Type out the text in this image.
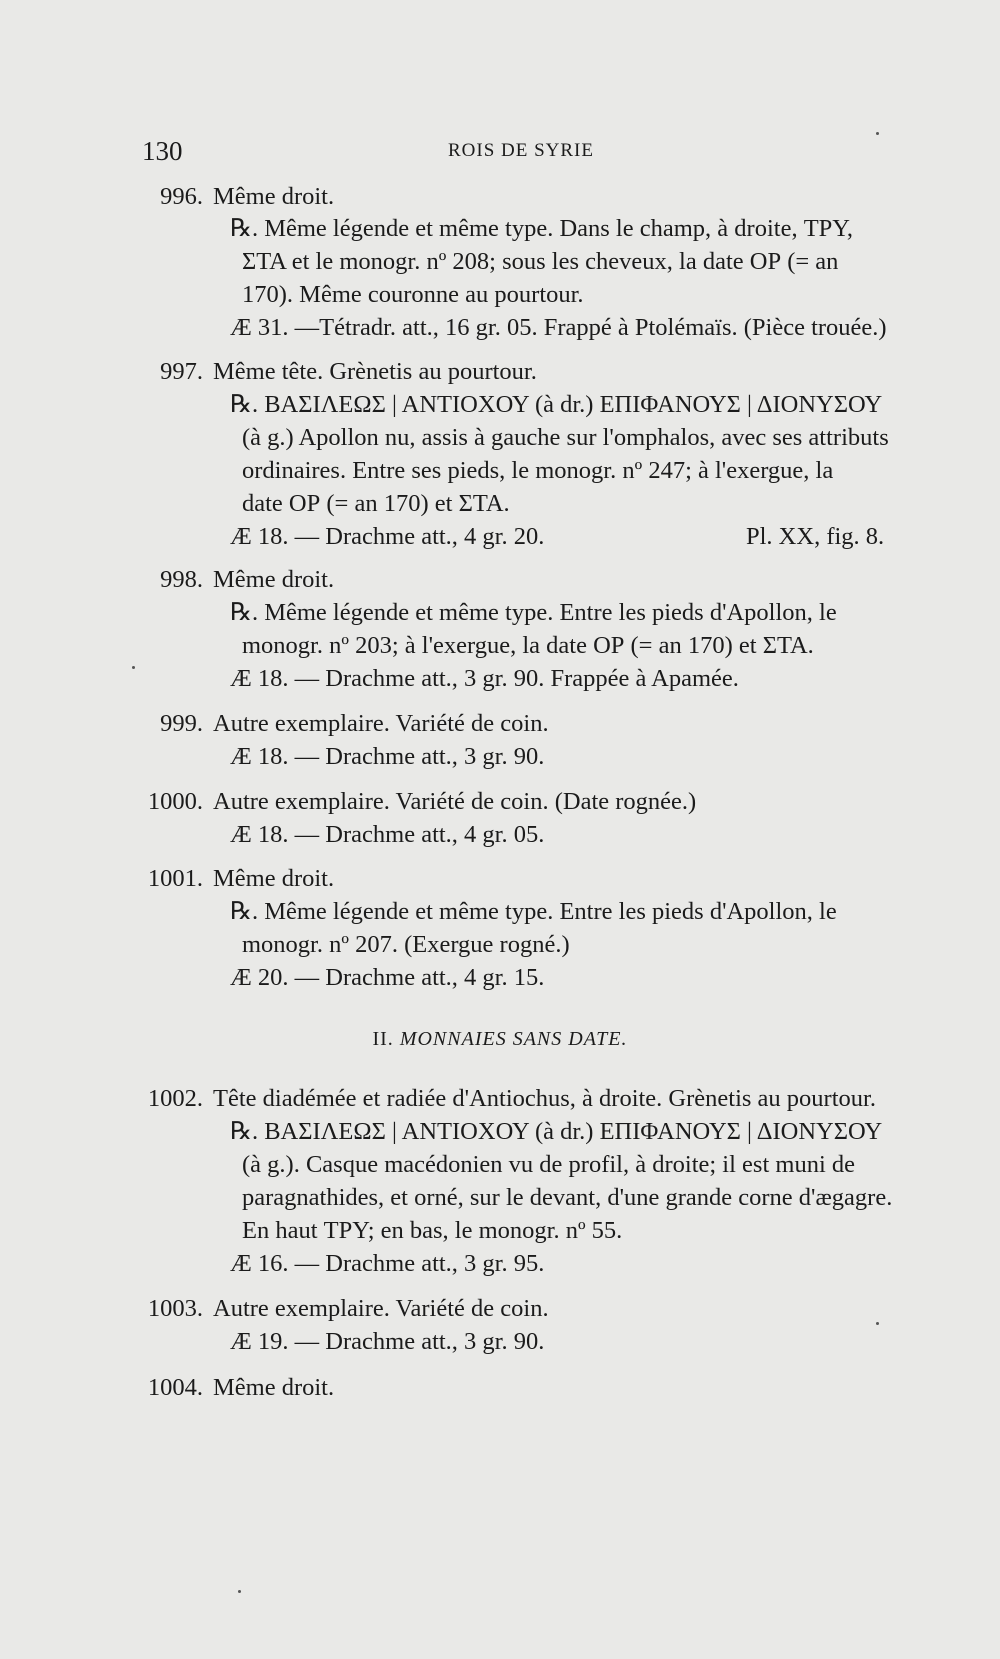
130	ROIS DE SYRIE
996. Même droit.
℞. Même légende et même type. Dans le champ, à droite, ΤΡΥ,
ΣΤΑ et le monogr. nº 208; sous les cheveux, la date ΟΡ (= an
170). Même couronne au pourtour.
Æ 31. —Tétradr. att., 16 gr. 05. Frappé à Ptolémaïs. (Pièce trouée.)
997. Même tête. Grènetis au pourtour.
℞. ΒΑΣΙΛΕΩΣ | ΑΝΤΙΟΧΟΥ (à dr.) ΕΠΙΦΑΝΟΥΣ | ΔΙΟΝΥΣΟΥ
(à g.) Apollon nu, assis à gauche sur l'omphalos, avec ses attributs
ordinaires. Entre ses pieds, le monogr. nº 247; à l'exergue, la
date ΟΡ (= an 170) et ΣΤΑ.
Æ 18. — Drachme att., 4 gr. 20.	Pl. XX, fig. 8.
998. Même droit.
℞. Même légende et même type. Entre les pieds d'Apollon, le
monogr. nº 203; à l'exergue, la date ΟΡ (= an 170) et ΣΤΑ.
Æ 18. — Drachme att., 3 gr. 90. Frappée à Apamée.
999. Autre exemplaire. Variété de coin.
Æ 18. — Drachme att., 3 gr. 90.
1000. Autre exemplaire. Variété de coin. (Date rognée.)
Æ 18. — Drachme att., 4 gr. 05.
1001. Même droit.
℞. Même légende et même type. Entre les pieds d'Apollon, le
monogr. nº 207. (Exergue rogné.)
Æ 20. — Drachme att., 4 gr. 15.
II. MONNAIES SANS DATE.
1002. Tête diadémée et radiée d'Antiochus, à droite. Grènetis au pourtour.
℞. ΒΑΣΙΛΕΩΣ | ΑΝΤΙΟΧΟΥ (à dr.) ΕΠΙΦΑΝΟΥΣ | ΔΙΟΝΥΣΟΥ
(à g.). Casque macédonien vu de profil, à droite; il est muni de
paragnathides, et orné, sur le devant, d'une grande corne d'ægagre.
En haut ΤΡΥ; en bas, le monogr. nº 55.
Æ 16. — Drachme att., 3 gr. 95.
1003. Autre exemplaire. Variété de coin.
Æ 19. — Drachme att., 3 gr. 90.
1004. Même droit.
